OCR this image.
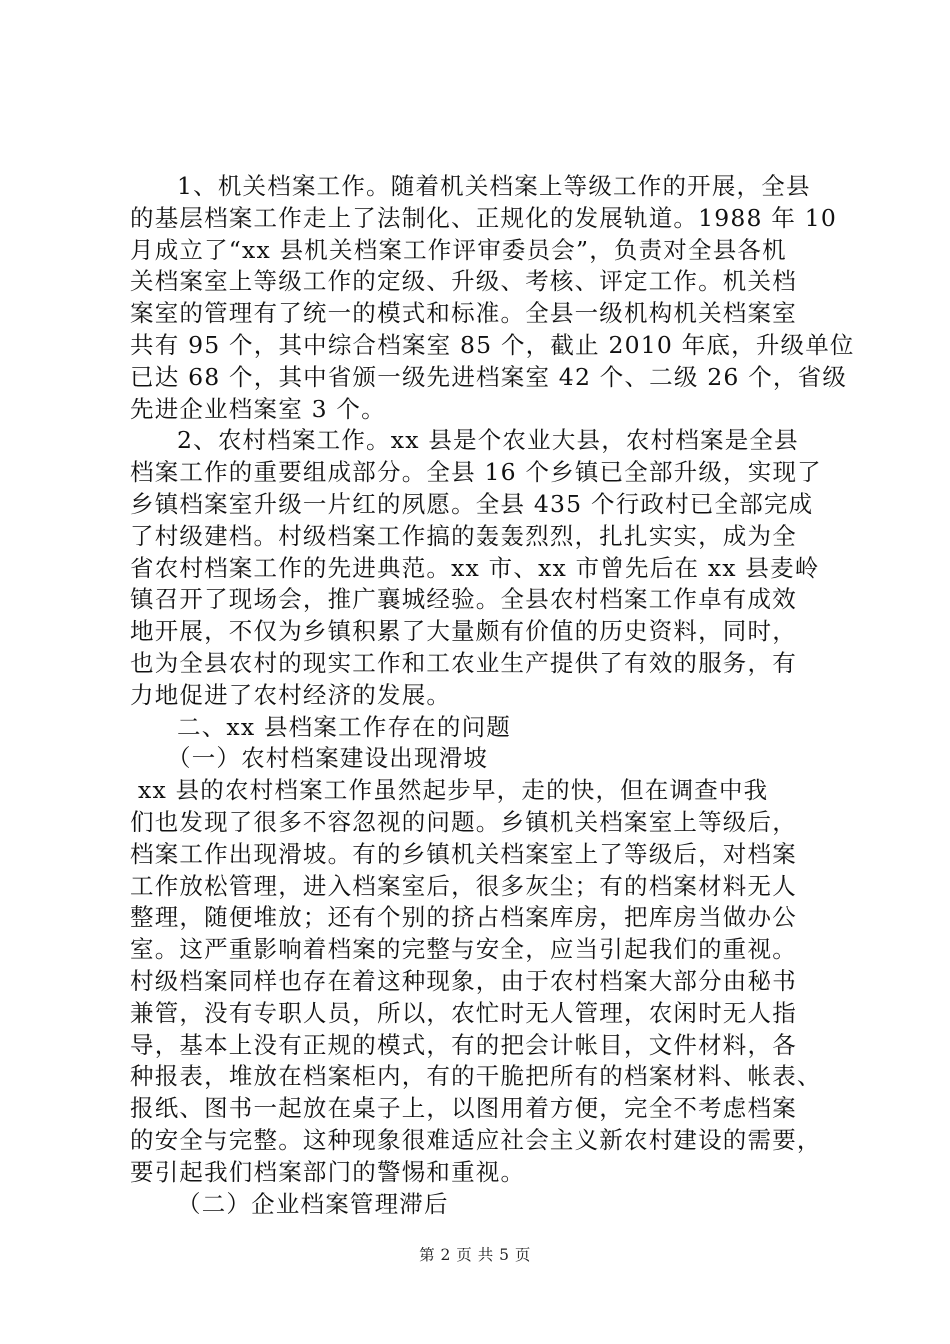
1、机关档案工作。随着机关档案上等级工作的开展，全县
的基层档案工作走上了法制化、正规化的发展轨道。1988 年 10
月成立了“xx 县机关档案工作评审委员会”，负责对全县各机
关档案室上等级工作的定级、升级、考核、评定工作。机关档
案室的管理有了统一的模式和标准。全县一级机构机关档案室
共有 95 个，其中综合档案室 85 个，截止 2010 年底，升级单位
已达 68 个，其中省颁一级先进档案室 42 个、二级 26 个，省级
先进企业档案室 3 个。
2、农村档案工作。xx 县是个农业大县，农村档案是全县
档案工作的重要组成部分。全县 16 个乡镇已全部升级，实现了
乡镇档案室升级一片红的夙愿。全县 435 个行政村已全部完成
了村级建档。村级档案工作搞的轰轰烈烈，扎扎实实，成为全
省农村档案工作的先进典范。xx 市、xx 市曾先后在 xx 县麦岭
镇召开了现场会，推广襄城经验。全县农村档案工作卓有成效
地开展，不仅为乡镇积累了大量颇有价值的历史资料，同时，
也为全县农村的现实工作和工农业生产提供了有效的服务，有
力地促进了农村经济的发展。
二、xx 县档案工作存在的问题
（一）农村档案建设出现滑坡
xx 县的农村档案工作虽然起步早，走的快，但在调查中我
们也发现了很多不容忽视的问题。乡镇机关档案室上等级后，
档案工作出现滑坡。有的乡镇机关档案室上了等级后，对档案
工作放松管理，进入档案室后，很多灰尘；有的档案材料无人
整理，随便堆放；还有个别的挤占档案库房，把库房当做办公
室。这严重影响着档案的完整与安全，应当引起我们的重视。
村级档案同样也存在着这种现象，由于农村档案大部分由秘书
兼管，没有专职人员，所以，农忙时无人管理，农闲时无人指
导，基本上没有正规的模式，有的把会计帐目，文件材料，各
种报表，堆放在档案柜内，有的干脆把所有的档案材料、帐表、
报纸、图书一起放在桌子上，以图用着方便，完全不考虑档案
的安全与完整。这种现象很难适应社会主义新农村建设的需要，
要引起我们档案部门的警惕和重视。
（二）企业档案管理滞后
第 2 页 共 5 页
